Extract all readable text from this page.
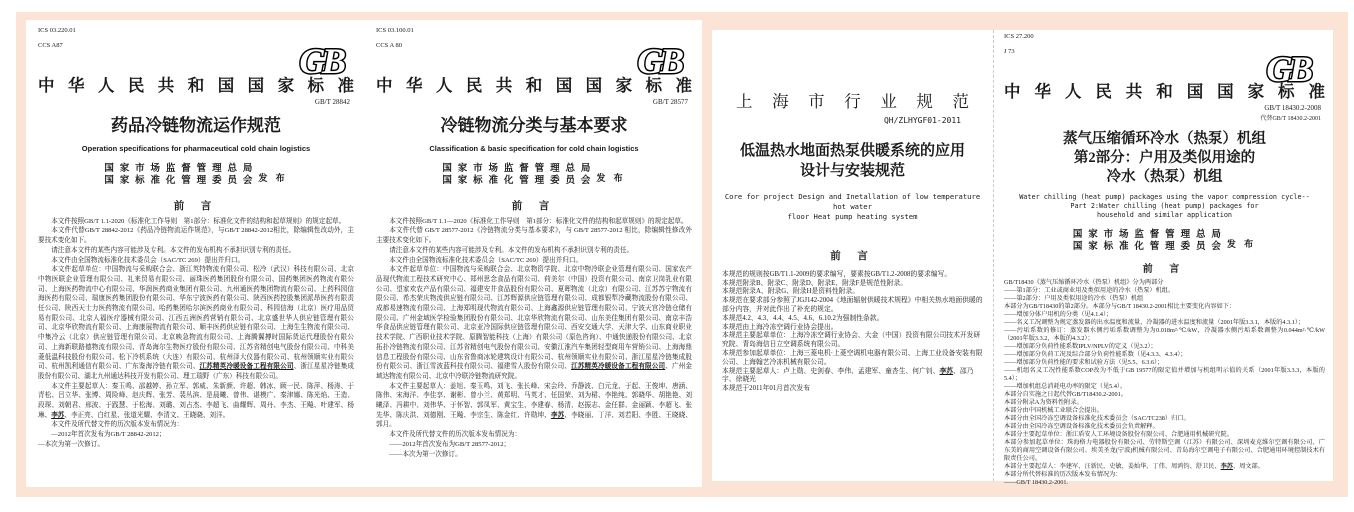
ICS 03.220.01
CCS A87	GB
中华人民共和国国家标准
GB/T 28842
药品冷链物流运作规范
Operation specifications for pharmaceutical cold chain logistics
国家市场监督管理总局
国家标准化管理委员会 发 布
前 言

本文件按照GB/T 1.1-2020《标准化工作导则　第1部分：标准化文件的结构和起草规则》的规定起草。

本文件代替GB/T 28842-2012《药品冷链物流运作规范》，与GB/T 28842-2012相比，除编辑性改动外，主要技术变化如下。

请注意本文件的某些内容可能涉及专利。本文件的发布机构不承担识别专利的责任。

本文件由全国物流标准化技术委员会（SAC/TC 269）提出并归口。

本文件起草单位：中国物流与采购联合会、浙江英特物流有限公司、松冷（武汉）科技有限公司、北京中物医联企业管理有限公司、礼来贸易有限公司、丽珠医药集团股份有限公司、国药集团医药物流有限公司、上海医药物流中心有限公司、华润医药商业集团有限公司、九州通医药集团物流有限公司、上药科园信海医药有限公司、瑞康医药集团股份有限公司、华东宁波医药有限公司、陕西医药控股集团派昂医药有限责任公司、陕西天士力医药物流有限公司、哈药集团哈尔滨医药商业有限公司、科园信海（北京）医疗用品贸易有限公司、北京人福医疗器械有限公司、江西五洲医药营销有限公司、北京盛世华人供应链管理有限公司、北京华欣物流有限公司、上海康展物流有限公司、顺丰医药供应链有限公司、上海生生物流有限公司、中集冷云（北京）供应链管理有限公司、北京映急物流有限公司、上海腾翼搏时国际货运代理股份有限公司、上海新联路德物流有限公司、青岛海尔生物医疗股份有限公司、江苏省精创电气股份有限公司、中科美菱低温科技股份有限公司、松下冷机系统（大连）有限公司、杭州泽大仪器有限公司、杭州领顺实业有限公司、杭州凯利通信有限公司、广东鉴海冷链有限公司、江苏精英冷暖设备工程有限公司、浙江星星冷链集成股份有限公司、湖北九州通达科技开发有限公司、理工瑞野（广东）科技有限公司。

本文件主要起草人：秦玉鸣、邵越婷、孙立军、郭威、朱新颜、许超、韩冰、顾一民、陈萍、杨涛、于青松、吕立华、张博、周险峰、赵庆辉、张芳、裴丛滨、是晨曦、曾伟、谌模广、秦津娜、陈光焰、王造、段琛、刘朝君、邢波、于践慧、于松海、刘璐、刘占杰、李超飞、曲耀辉、周丹、李杰、王飚、叶建军、杨琳、李苏、李正亮、白红星、张道光耀、李清文、王晓晓、刘洋。

本文件及所代替文件的历次版本发布情况为：

—2012年首次发布为GB/T 28842-2012；

—本次为第一次修订。

ICS 03.100.01
CCS A 80	GB
中华人民共和国国家标准
GB/T 28577
冷链物流分类与基本要求
Classification & basic specification for cold chain logistics
国家市场监督管理总局
国家标准化管理委员会 发 布
前 言

本文件按照GB/T 1.1—2020《标准化工作导则　第1部分：标准化文件的结构和起草规则》的规定起草。

本文件代替 GB/T 28577-2012《冷链物流分类与基本要求》，与 GB/T 28577-2012 相比，除编辑性修改外主要技术变化如下。

请注意本文件的某些内容可能涉及专利。本文件的发布机构不承担识别专利的责任。

本文件由全国物流标准化技术委员会（SAC/TC 269）提出并归口。

本文件起草单位：中国物流与采购联合会、北京物资学院、北京中物冷联企业管理有限公司、国家农产品现代物流工程技术研究中心、郑州思念食品有限公司、荷美尔（中国）投资有限公司、南京卫岗乳业有限公司、望家欢农产品有限公司、福建安井食品股份有限公司、夏晖物流（北京）有限公司、江苏苏宁物流有限公司、希杰荣庆物流供应链有限公司、江苏辉源供应链管理有限公司、成都银犁冷藏物流股份有限公司、成都易速物流有限公司、上海郑明现代物流有限公司、上海鑫源供应链管理有限公司、宁波天宫冷链仓储有限公司、广州金域医学检验集团股份有限公司、北京华欣物流有限公司、山东美佳集团有限公司、南京丰浩华食品供应链管理有限公司、北京亚冷国际供应链管理有限公司、西安交通大学、天津大学、山东商业职业技术学院、广西职业技术学院、原腾智能科技（上海）有限公司（原色咨询）、中通快递股份有限公司、北京拓扑冷链物流有限公司、江苏省精创电气股份有限公司、安徽江淮汽车集团轻型商用车营销公司、上海海鼎信息工程股份有限公司、山东省鲁商冰轮建筑设计有限公司、杭州领顺实业有限公司、浙江星星冷链集成股份有限公司、浙江雪波蓝科技有限公司、福建雪人股份有限公司、江苏精英冷暖设备工程有限公司、广州金域达物流有限公司、北京中冷联冷链物流研究院。

本文件主要起草人：姜旭、秦玉鸣、刘飞、张长峰、宋会玲、乔静波、白元龙、于起、王俊坤、唐涵、陈伟、宋海洋、李佳享、谢彬、曾小兰、黄郑明、马英才、任国荣、刘为桾、李艳纯、郭晓华、胡艳艳、刘曦泽、冯耕中、刘伟华、于怀智、郭凤军、黄宝生、李建春、杨清、赵振志、金任群、金丽颖、李超飞、张先华、陈庆洪、刘德刚、王飚、李宗生、陈金红、许勋坤、李苏、李晓丽、丁洋、刘若阳、李胜、王晓晓、郭月。

本文件及所代替文件的历次版本发布情况为：

——2012年首次发布为GB/T 28577-2012；

——本次为第一次修订。

上海市行业规范
QH/ZLHYGF01-2011
低温热水地面热泵供暖系统的应用
设计与安装规范
Core for project Design and Inetallation of low temperature hot water
floor Heat pump heating system
前 言

本规范的规则按GB/T1.1-2009的要求编写，要素按GB/T1.2-2008的要求编写。

本规范附录B、附录C、附录D、附录E、附录F是规范性附录。

本规范附录A、附录G、附录H是资料性附录。

本规范在要求部分参照了JGJ142-2004《地面辐射供暖技术规程》中相关热水地面供暖的部分内容，并对此作出了补充的规定。

本规范4.2、4.3、4.4、4.5、4.6、6.10.2为强制性条款。

本规范由上海冷冻空调行业协会提出。

本规范主要起草单位：上海冷冻空调行业协会、大金（中国）投资有限公司技术开发研究院、青岛海信日立空调系统有限公司。

本规范参加起草单位：上海三菱电机·上菱空调机电器有限公司、上海工业设备安装有限公司、上海翰艺冷冻机械有限公司。

本规范主要起草人：卢上勋、史剑春、李伟、孟建军、童杏生、何广钊、李苏、邵乃宇、徐晓光

本规范于2011年01月首次发布

ICS 27.200
J 73	GB
中华人民共和国国家标准
GB/T 18430.2-2008
代替GB/T 18430.2-2001
蒸气压缩循环冷水（热泵）机组
第2部分：户用及类似用途的
冷水（热泵）机组
Water chilling (heat pump) packages using the vapor compression cycle--
Part 2:Water chilling (heat pump) packages for
household and similar application
国家市场监督管理总局
国家标准化管理委员会 发 布
前 言

GB/T18430《蒸气压缩循环冷水（热泵）机组》分为两部分

——第1部分：工业或商业用及类似用途的冷水（热泵）机组。

——第2部分：户用及类似用途的冷水（热泵）机组

本部分为GB/T18430的第2部分。本部分与GB/T 18430.2-2001相比主要变化内容如下：

——增加分体户用机的分类（见4.1.4）；

——名义工况调整为规定蒸发器的出水温度和流量，冷凝器的进水温度和流量（2001年版3.3.1，本版的4.3.1）；

——污垢系数的修订：蒸发器水侧污垢系数调整为为0.018m²·℃/kW，冷凝器水侧污垢系数调整为0.044m²·℃/kW（2001年版3.3.2，本版的4.3.2）；

——增加部分负荷性能系数IPLV/NPLV的定义（见3.2）；

——增加部分负荷工况及综合部分负荷性能系数（见4.3.3、4.3.4）；

——增加部分负荷性能的要求和试验方法（见5.5、6.3.6）；

——机组名义工况性能系数COP改为不低于GB 19577的限定值并增加与机组明示值的关系（2001年版3.3.3，本版的5.4）；

——增加机组总消耗电功率的限定（见5.4）。

本部分自实施之日起代替GB/T18430.2-2001。

本部分附录A为资料性附录。

本部分由中国机械工业联合会提出。

本部分由全国冷冻空调设备标准化技术委员会（SAC/TC238）归口。

本部分由全国冷冻空调设备标准化技术委员会负责解释。

本部分主要起草单位：浙江盾安人工环境设备股份有限公司、合肥通用机械研究院。

本部分参加起草单位：珠海格力电器股份有限公司、劳特斯空调（江苏）有限公司、深圳麦克维尔空调有限公司、广东美的商用空调设备有限公司、埃美圣龙(宁波)机械有限公司、青岛海尔空调电子有限公司、合肥通用环境控制技术有限责任公司。

本部分主要起草人：李建军、汪新民、史敏、姜灿华、丁伟、周鸿钧、舒卫民、李苏、周文部。

本部分所代替标准的历次版本发布情况为：

——GB/T 18430.2-2001.
